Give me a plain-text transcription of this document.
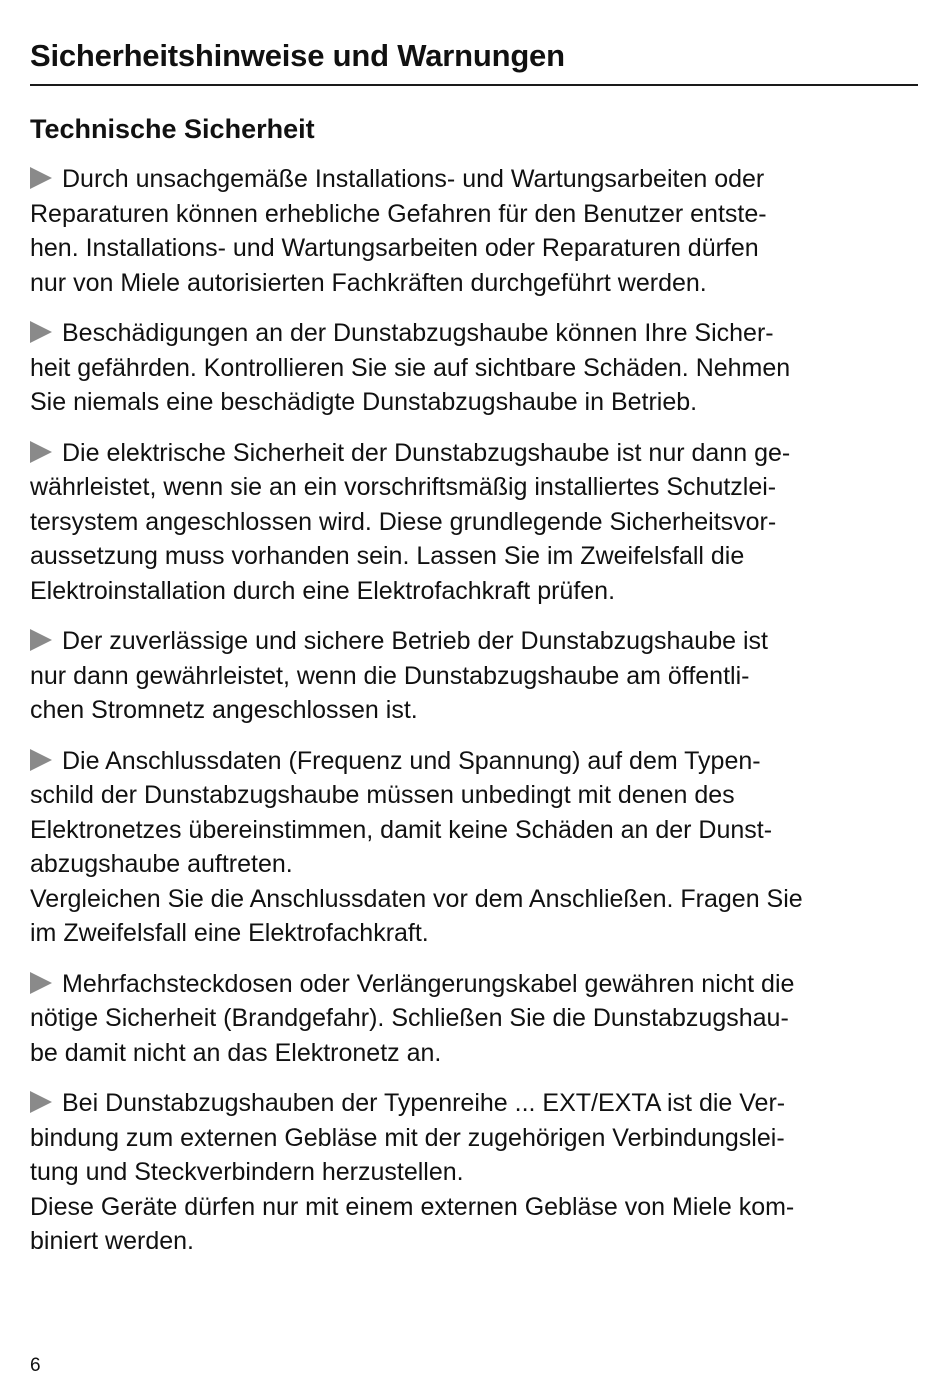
Sicherheitshinweise und Warnungen
Technische Sicherheit

Durch unsachgemäße Installations- und Wartungsarbeiten oder
Reparaturen können erhebliche Gefahren für den Benutzer entste-
hen. Installations- und Wartungsarbeiten oder Reparaturen dürfen
nur von Miele autorisierten Fachkräften durchgeführt werden.

Beschädigungen an der Dunstabzugshaube können Ihre Sicher-
heit gefährden. Kontrollieren Sie sie auf sichtbare Schäden. Nehmen
Sie niemals eine beschädigte Dunstabzugshaube in Betrieb.

Die elektrische Sicherheit der Dunstabzugshaube ist nur dann ge-
währleistet, wenn sie an ein vorschriftsmäßig installiertes Schutzlei-
tersystem angeschlossen wird. Diese grundlegende Sicherheitsvor-
aussetzung muss vorhanden sein. Lassen Sie im Zweifelsfall die
Elektroinstallation durch eine Elektrofachkraft prüfen.

Der zuverlässige und sichere Betrieb der Dunstabzugshaube ist
nur dann gewährleistet, wenn die Dunstabzugshaube am öffentli-
chen Stromnetz angeschlossen ist.

Die Anschlussdaten (Frequenz und Spannung) auf dem Typen-
schild der Dunstabzugshaube müssen unbedingt mit denen des
Elektronetzes übereinstimmen, damit keine Schäden an der Dunst-
abzugshaube auftreten.
Vergleichen Sie die Anschlussdaten vor dem Anschließen. Fragen Sie
im Zweifelsfall eine Elektrofachkraft.

Mehrfachsteckdosen oder Verlängerungskabel gewähren nicht die
nötige Sicherheit (Brandgefahr). Schließen Sie die Dunstabzugshau-
be damit nicht an das Elektronetz an.

Bei Dunstabzugshauben der Typenreihe ... EXT/EXTA ist die Ver-
bindung zum externen Gebläse mit der zugehörigen Verbindungslei-
tung und Steckverbindern herzustellen.
Diese Geräte dürfen nur mit einem externen Gebläse von Miele kom-
biniert werden.

6
